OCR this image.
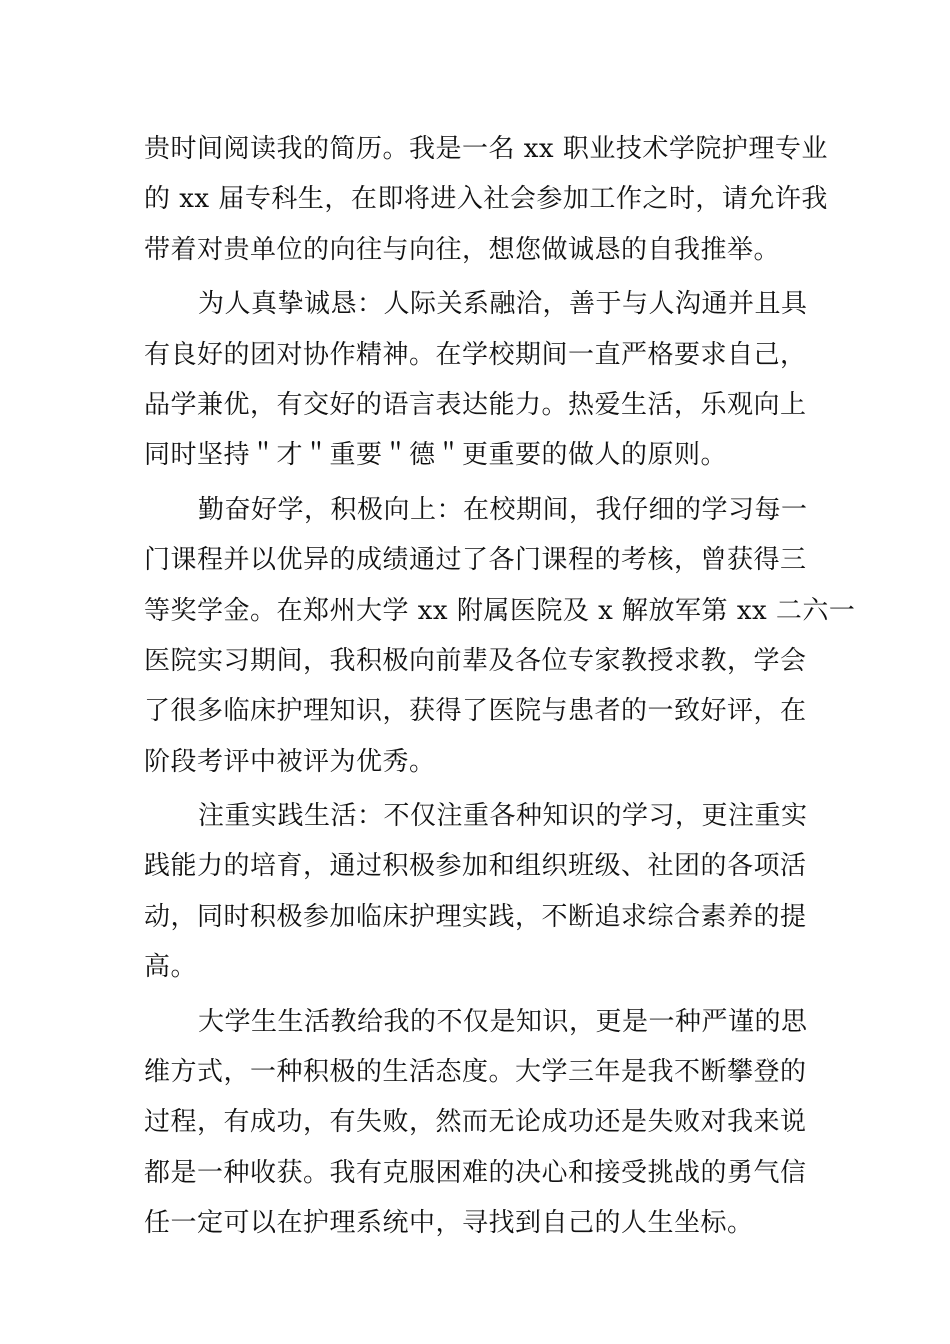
贵时间阅读我的简历。我是一名 xx 职业技术学院护理专业
的 xx 届专科生，在即将进入社会参加工作之时，请允许我
带着对贵单位的向往与向往，想您做诚恳的自我推举。
为人真挚诚恳：人际关系融洽，善于与人沟通并且具
有良好的团对协作精神。在学校期间一直严格要求自己，
品学兼优，有交好的语言表达能力。热爱生活，乐观向上
同时坚持＂才＂重要＂德＂更重要的做人的原则。
勤奋好学，积极向上：在校期间，我仔细的学习每一
门课程并以优异的成绩通过了各门课程的考核，曾获得三
等奖学金。在郑州大学 xx 附属医院及 x 解放军第 xx 二六一
医院实习期间，我积极向前辈及各位专家教授求教，学会
了很多临床护理知识，获得了医院与患者的一致好评，在
阶段考评中被评为优秀。
注重实践生活：不仅注重各种知识的学习，更注重实
践能力的培育，通过积极参加和组织班级、社团的各项活
动，同时积极参加临床护理实践，不断追求综合素养的提
高。
大学生生活教给我的不仅是知识，更是一种严谨的思
维方式，一种积极的生活态度。大学三年是我不断攀登的
过程，有成功，有失败，然而无论成功还是失败对我来说
都是一种收获。我有克服困难的决心和接受挑战的勇气信
任一定可以在护理系统中，寻找到自己的人生坐标。
